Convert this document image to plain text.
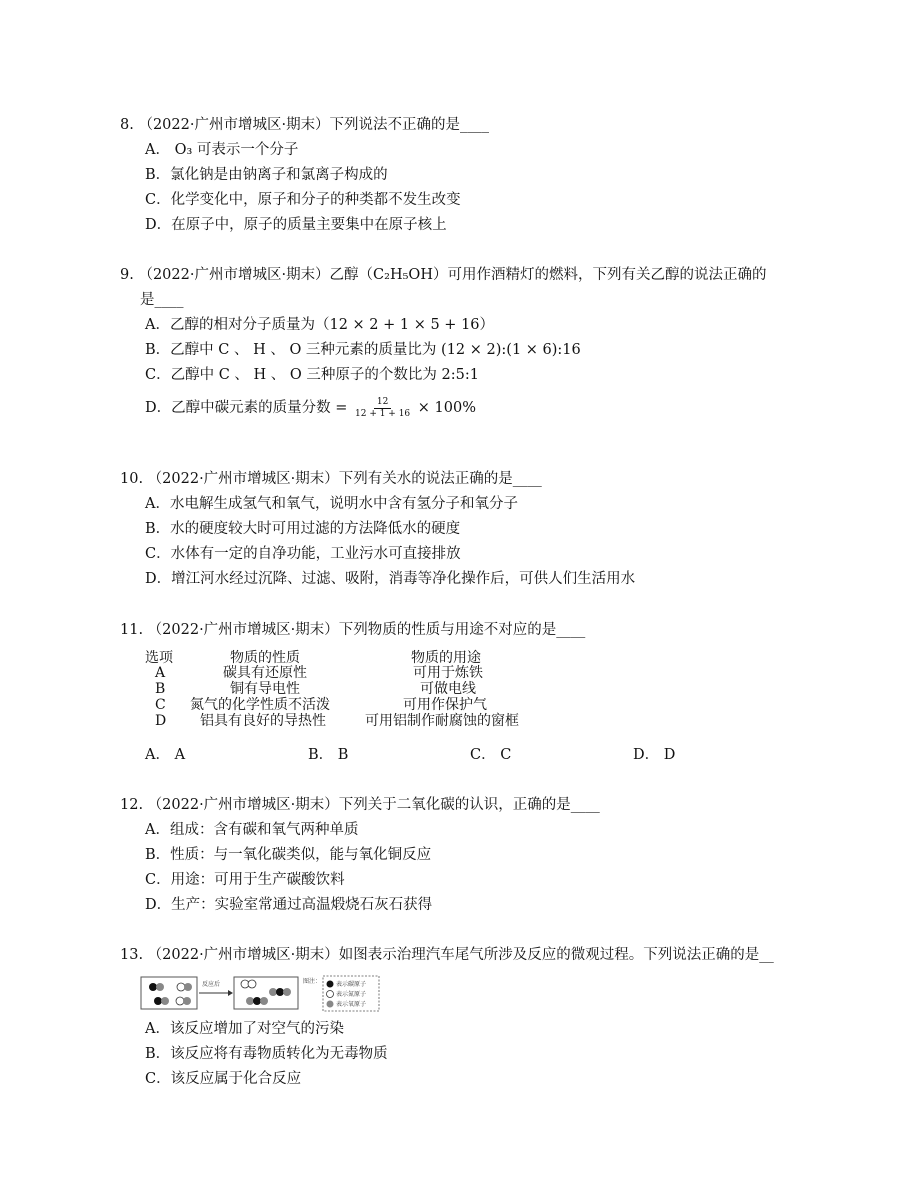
8. （2022·广州市增城区·期末）下列说法不正确的是____
A． O₃ 可表示一个分子
B．氯化钠是由钠离子和氯离子构成的
C．化学变化中，原子和分子的种类都不发生改变
D．在原子中，原子的质量主要集中在原子核上
9. （2022·广州市增城区·期末）乙醇（C₂H₅OH）可用作酒精灯的燃料，下列有关乙醇的说法正确的
是____
A．乙醇的相对分子质量为（12 × 2 + 1 × 5 + 16）
B．乙醇中 C 、 H 、 O 三种元素的质量比为 (12 × 2):(1 × 6):16
C．乙醇中 C 、 H 、 O 三种原子的个数比为 2:5:1
D．乙醇中碳元素的质量分数 = $\frac{12}{12 + 1 + 16} \times 100\%$
10. （2022·广州市增城区·期末）下列有关水的说法正确的是____
A．水电解生成氢气和氧气，说明水中含有氢分子和氧分子
B．水的硬度较大时可用过滤的方法降低水的硬度
C．水体有一定的自净功能，工业污水可直接排放
D．增江河水经过沉降、过滤、吸附，消毒等净化操作后，可供人们生活用水
11. （2022·广州市增城区·期末）下列物质的性质与用途不对应的是____
选项	物质的性质	物质的用途
A	碳具有还原性	可用于炼铁
B	铜有导电性	可做电线
C 氮气的化学性质不活泼	可用作保护气
D 铝具有良好的导热性	可用铝制作耐腐蚀的窗框
A． A	B． B	C． C	D． D
12. （2022·广州市增城区·期末）下列关于二氧化碳的认识，正确的是____
A．组成：含有碳和氧气两种单质
B．性质：与一氧化碳类似，能与氧化铜反应
C．用途：可用于生产碳酸饮料
D．生产：实验室常通过高温煅烧石灰石获得
13. （2022·广州市增城区·期末）如图表示治理汽车尾气所涉及反应的微观过程。下列说法正确的是__
反应后	图注： 表示碳原子
表示氮原子
表示氧原子
A．该反应增加了对空气的污染
B．该反应将有毒物质转化为无毒物质
C．该反应属于化合反应
